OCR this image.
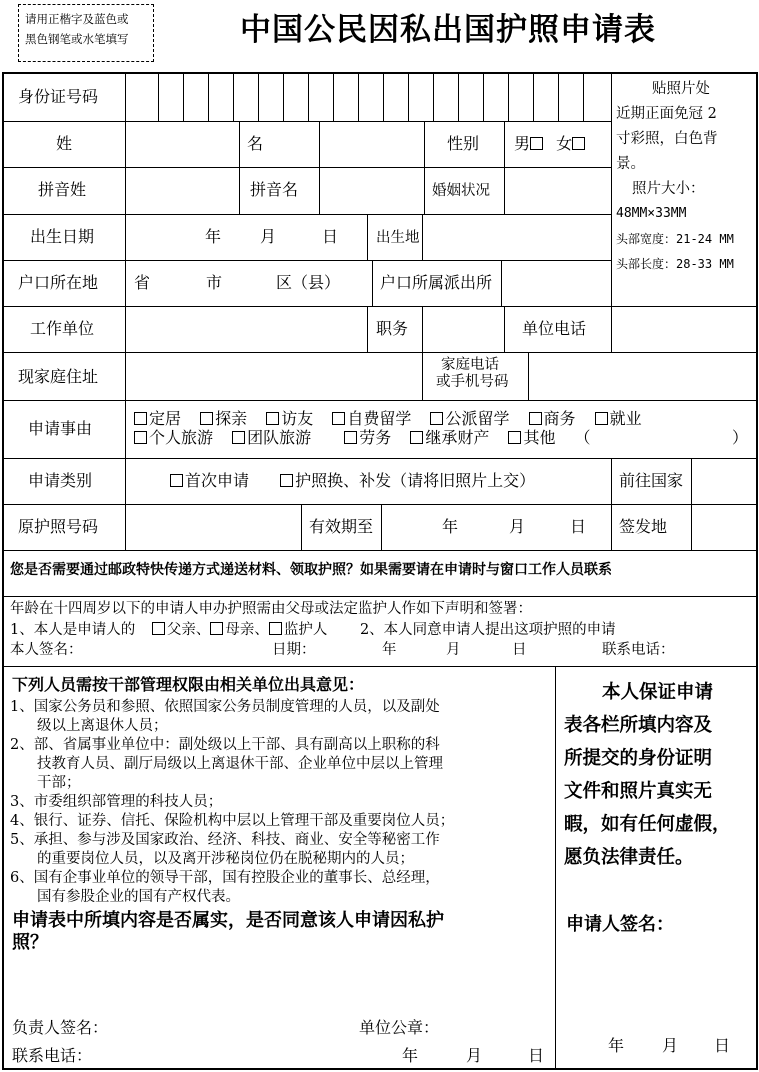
请用正楷字及蓝色或
黑色钢笔或水笔填写	中国公民因私出国护照申请表
身份证号码	贴照片处
近期正面免冠 2
寸彩照，白色背
景。
照片大小：
48MM×33MM
头部宽度：21-24 MM
头部长度：28-33 MM
姓	名	性别 男 女
拼音姓	拼音名	婚姻状况
出生日期	年 月	日	出生地
户口所在地 省	市	区（县） 户口所属派出所
工作单位	职务	单位电话
现家庭住址
家庭电话
或手机号码
申请事由
定居 探亲 访友 自费留学 公派留学 商务 就业
个人旅游 团队旅游	劳务 继承财产 其他 （	）
申请类别	首次申请	护照换、补发（请将旧照片上交）	前往国家
原护照号码	有效期至	年	月	日 签发地
您是否需要通过邮政特快传递方式递送材料、领取护照？如果需要请在申请时与窗口工作人员联系
年龄在十四周岁以下的申请人申办护照需由父母或法定监护人作如下声明和签署：
1、本人是申请人的 父亲、 母亲、 监护人 2、本人同意申请人提出这项护照的申请
本人签名：	日期：	年	月	日	联系电话：
下列人员需按干部管理权限由相关单位出具意见：
1、国家公务员和参照、依照国家公务员制度管理的人员，以及副处
级以上离退休人员；
2、部、省属事业单位中：副处级以上干部、具有副高以上职称的科
技教育人员、副厅局级以上离退休干部、企业单位中层以上管理
干部；
3、市委组织部管理的科技人员；
4、银行、证券、信托、保险机构中层以上管理干部及重要岗位人员；
5、承担、参与涉及国家政治、经济、科技、商业、安全等秘密工作
的重要岗位人员，以及离开涉秘岗位仍在脱秘期内的人员；
6、国有企事业单位的领导干部，国有控股企业的董事长、总经理，
国有参股企业的国有产权代表。
申请表中所填内容是否属实，是否同意该人申请因私护
照？
负责人签名：	单位公章：
联系电话：	年	月	日
本人保证申请
表各栏所填内容及
所提交的身份证明
文件和照片真实无
暇，如有任何虚假，
愿负法律责任。
申请人签名：
年 月 日
